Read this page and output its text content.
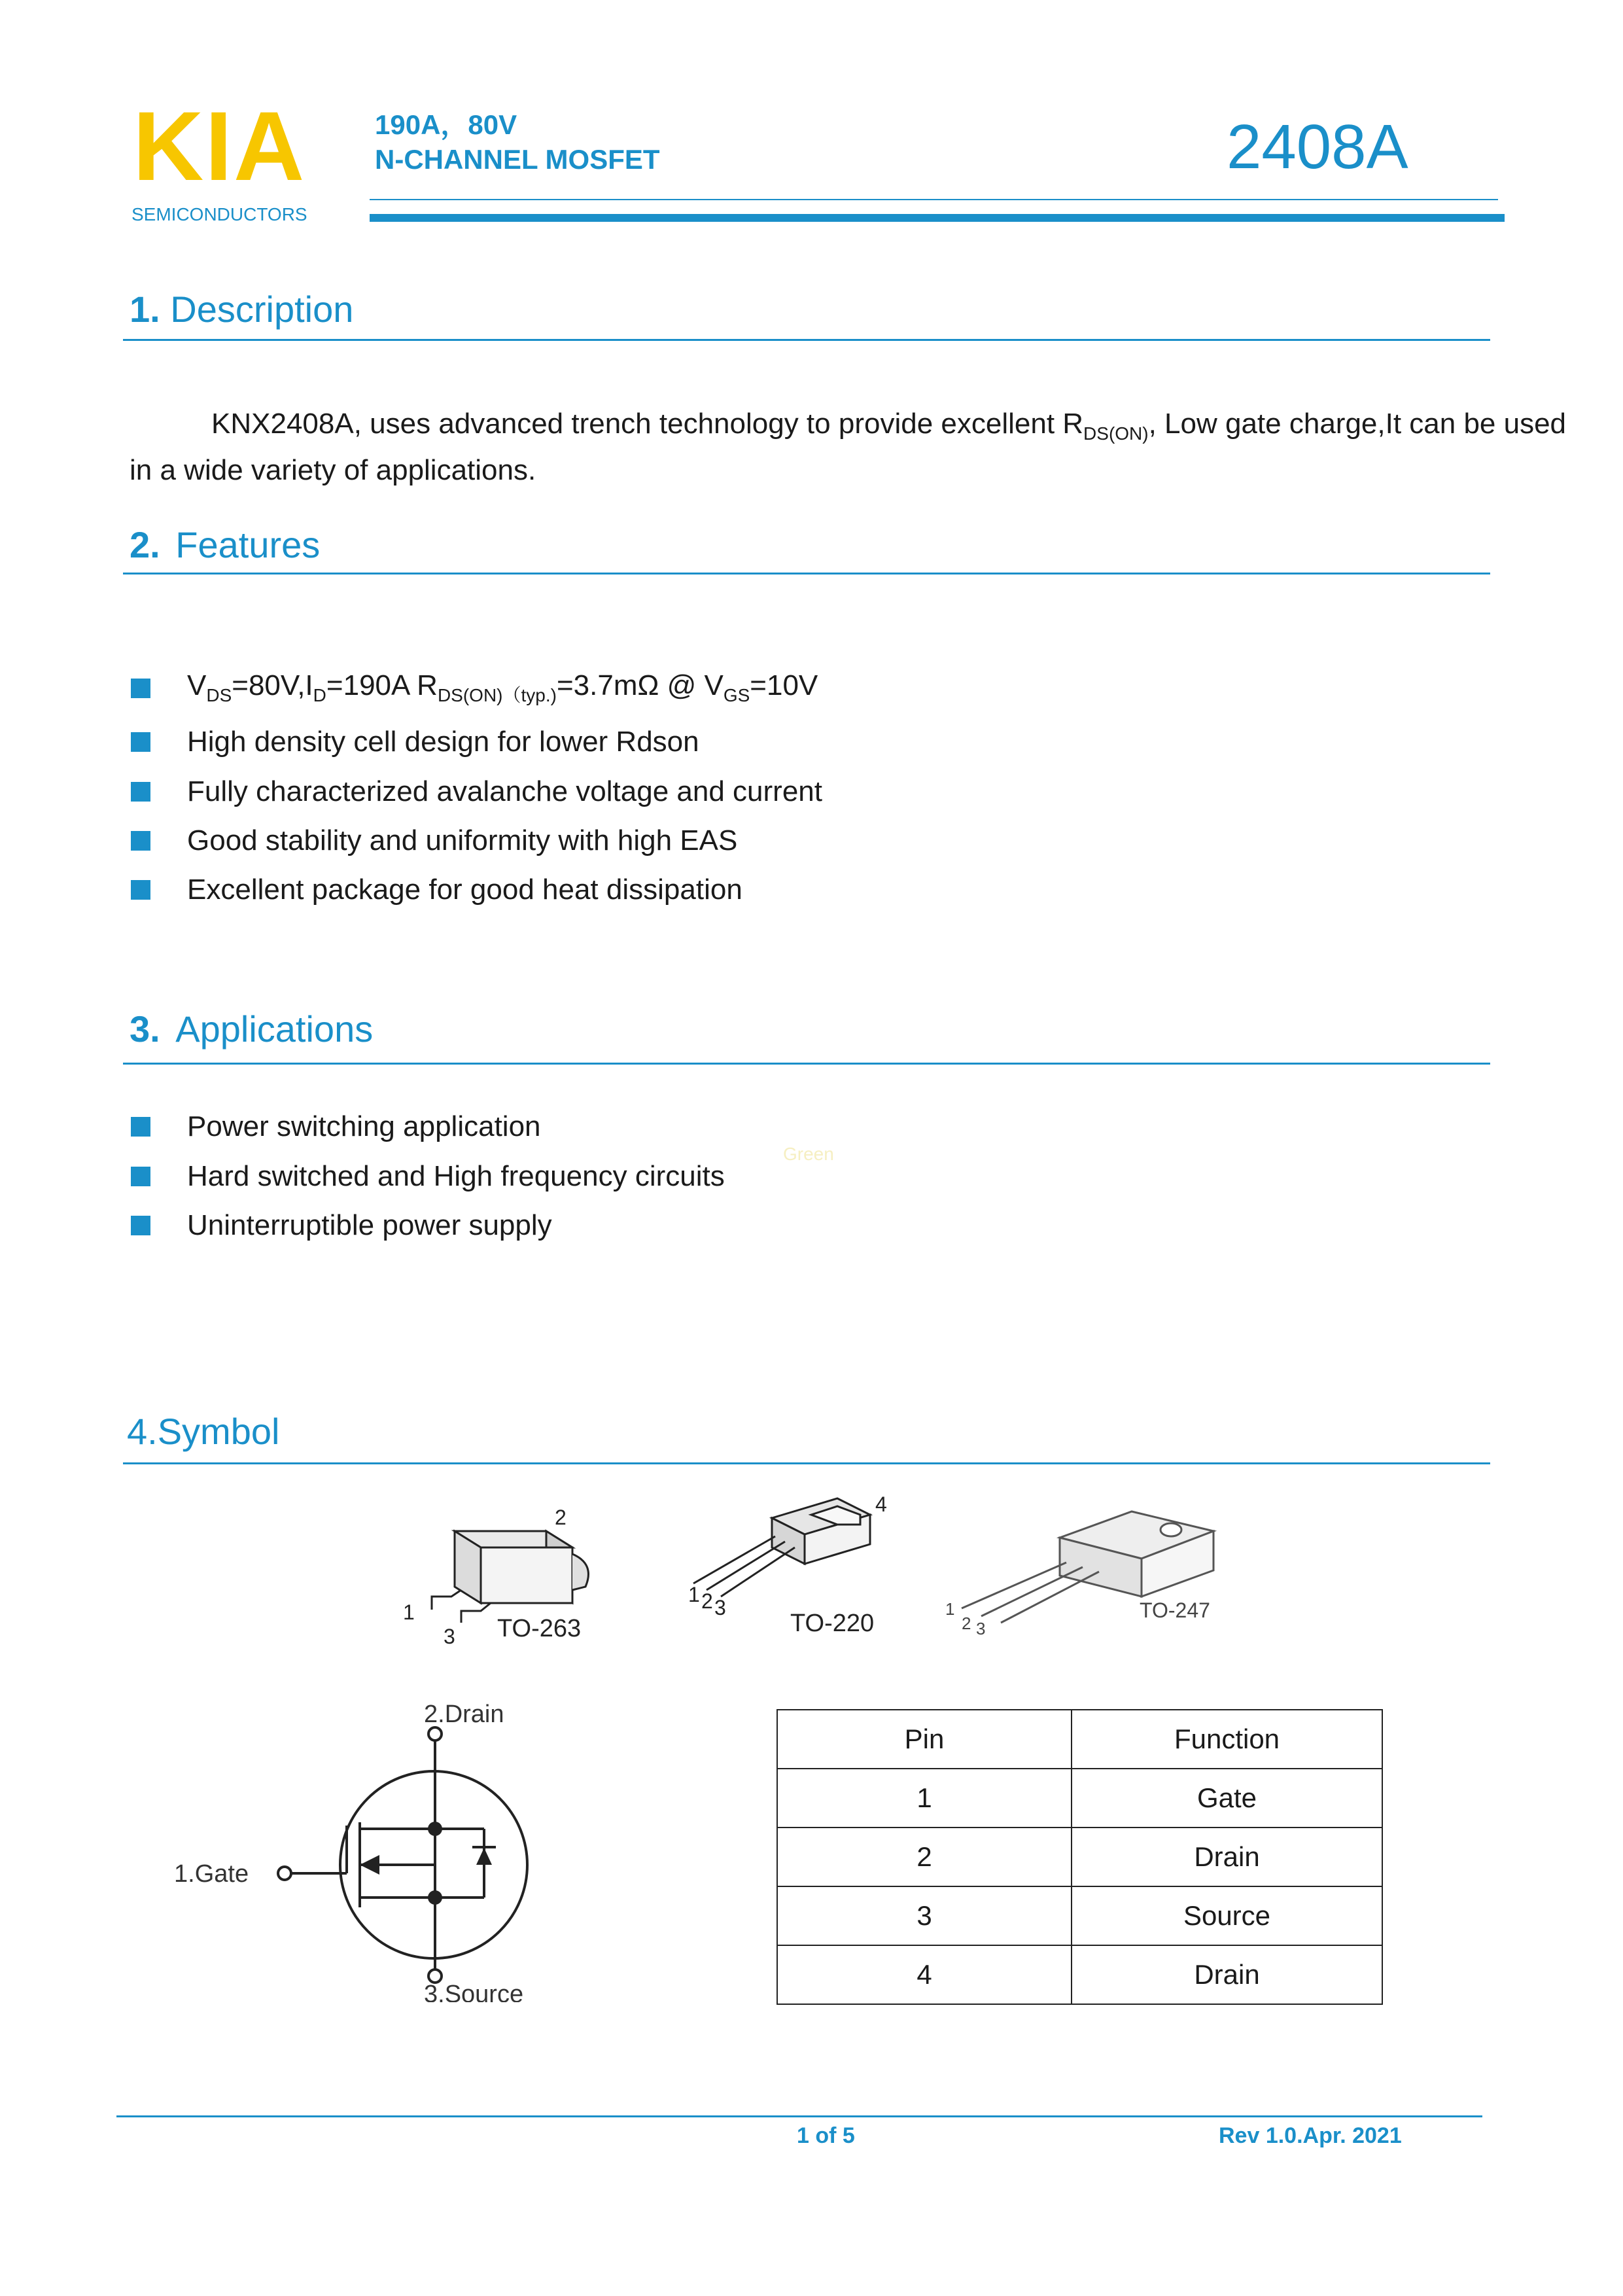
KIA
SEMICONDUCTORS
190A，80V
N-CHANNEL MOSFET	2408A
1. Description
KNX2408A, uses advanced trench technology to provide excellent $R_{DS(ON)}$, Low gate charge,It can be used in a wide variety of applications.
2. Features
$V_{DS}=80V,I_D=190A$ $R_{DS(ON)(typ.)}=3.7m\Omega$ @ $V_{GS}=10V$
High density cell design for lower Rdson
Fully characterized avalanche voltage and current
Good stability and uniformity with high EAS
Excellent package for good heat dissipation
3. Applications
Power switching application
Hard switched and High frequency circuits
Uninterruptible power supply
Green
4.Symbol
2
1
3 TO-263
4
1 2 3
TO-220
1
2 3
TO-247
2.Drain
1.Gate
3.Source
Pin	Function
1	Gate
2	Drain
3	Source
4	Drain
1 of 5	Rev 1.0.Apr. 2021
